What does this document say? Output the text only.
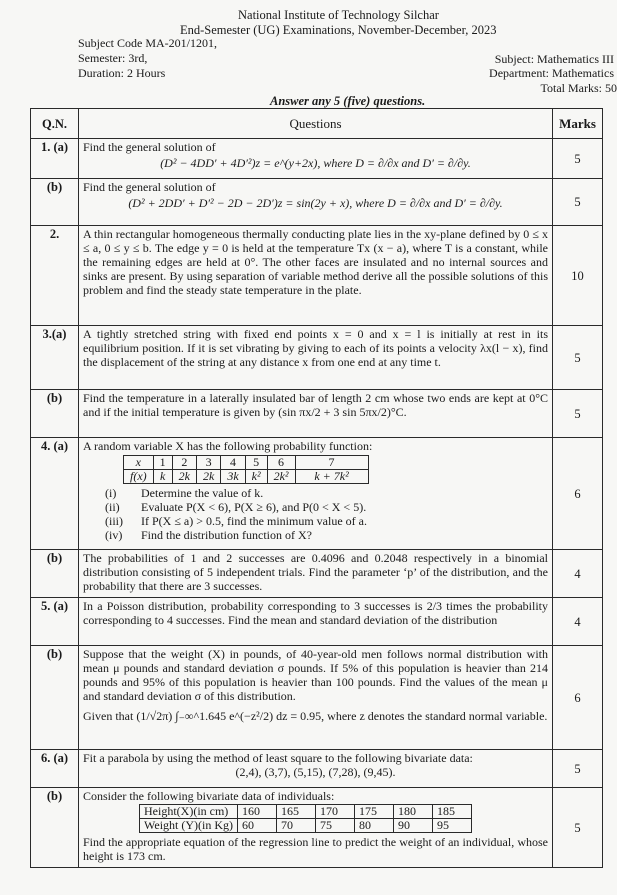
National Institute of Technology Silchar
End-Semester (UG) Examinations, November-December, 2023
Subject Code MA-201/1201,
Semester: 3rd,
Duration: 2 Hours
Subject: Mathematics III
Department: Mathematics
Total Marks: 50
Answer any 5 (five) questions.
Q.N.	Questions	Marks
1. (a)	Find the general solution of
(D² − 4DD′ + 4D′²)z = e^(y+2x), where D = ∂/∂x and D′ = ∂/∂y.	5
(b)	Find the general solution of
(D² + 2DD′ + D′² − 2D − 2D′)z = sin(2y + x), where D = ∂/∂x and D′ = ∂/∂y.	5
2.	A thin rectangular homogeneous thermally conducting plate lies in the xy-plane defined by 0 ≤ x ≤ a, 0 ≤ y ≤ b. The edge y = 0 is held at the temperature Tx (x − a), where T is a constant, while the remaining edges are held at 0°. The other faces are insulated and no internal sources and sinks are present. By using separation of variable method derive all the possible solutions of this problem and find the steady state temperature in the plate.	10
3.(a)	A tightly stretched string with fixed end points x = 0 and x = l is initially at rest in its equilibrium position. If it is set vibrating by giving to each of its points a velocity λx(l − x), find the displacement of the string at any distance x from one end at any time t.	5
(b)	Find the temperature in a laterally insulated bar of length 2 cm whose two ends are kept at 0°C and if the initial temperature is given by (sin πx/2 + 3 sin 5πx/2)°C.	5
4. (a)	A random variable X has the following probability function:
x	1	2	3	4	5	6	7
f(x)	k	2k	2k	3k	k²	2k²	k + 7k²
(i) Determine the value of k.
(ii) Evaluate P(X < 6), P(X ≥ 6), and P(0 < X < 5).
(iii) If P(X ≤ a) > 0.5, find the minimum value of a.
(iv) Find the distribution function of X?
	6
(b)	The probabilities of 1 and 2 successes are 0.4096 and 0.2048 respectively in a binomial distribution consisting of 5 independent trials. Find the parameter ‘p’ of the distribution, and the probability that there are 3 successes.	4
5. (a)	In a Poisson distribution, probability corresponding to 3 successes is 2/3 times the probability corresponding to 4 successes. Find the mean and standard deviation of the distribution	4
(b)	Suppose that the weight (X) in pounds, of 40-year-old men follows normal distribution with mean μ pounds and standard deviation σ pounds. If 5% of this population is heavier than 214 pounds and 95% of this population is heavier than 100 pounds. Find the values of the mean μ and standard deviation σ of this distribution.
Given that (1/√2π) ∫₋∞^1.645 e^(−z²/2) dz = 0.95, where z denotes the standard normal variable.
	6
6. (a)	Fit a parabola by using the method of least square to the following bivariate data:
(2,4), (3,7), (5,15), (7,28), (9,45).	5
(b)	Consider the following bivariate data of individuals:
Height(X)(in cm)	160	165	170	175	180	185
Weight (Y)(in Kg)	60	70	75	80	90	95
Find the appropriate equation of the regression line to predict the weight of an individual, whose height is 173 cm.	5
